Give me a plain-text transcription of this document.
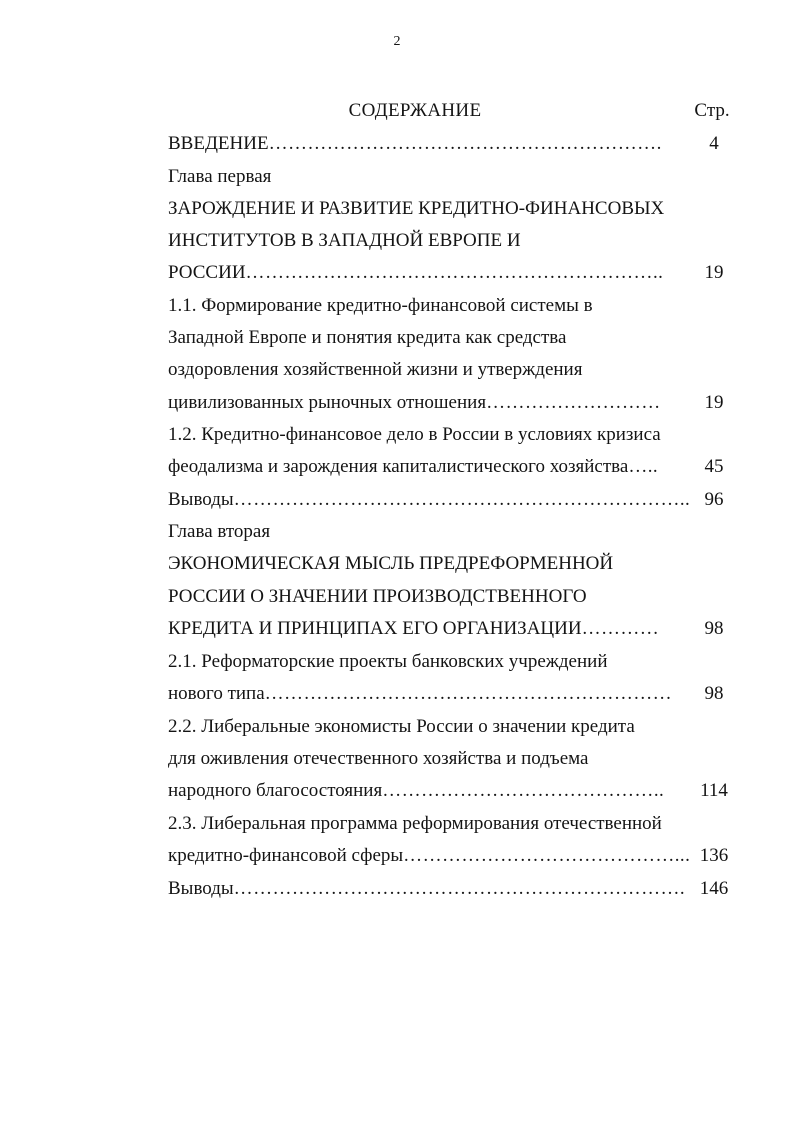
2
СОДЕРЖАНИЕ	Стр.
ВВЕДЕНИЕ…………………………………………………….	4
Глава первая
ЗАРОЖДЕНИЕ И РАЗВИТИЕ КРЕДИТНО-ФИНАНСОВЫХ
ИНСТИТУТОВ В ЗАПАДНОЙ ЕВРОПЕ И
РОССИИ………………………………………………………..	19
1.1. Формирование кредитно-финансовой системы в
Западной Европе и понятия кредита как средства
оздоровления хозяйственной жизни и утверждения
цивилизованных рыночных отношения………………………	19
1.2. Кредитно-финансовое дело в России в условиях кризиса
феодализма и зарождения капиталистического хозяйства…..	45
Выводы…………………………………………………………….. 96
Глава вторая
ЭКОНОМИЧЕСКАЯ МЫСЛЬ ПРЕДРЕФОРМЕННОЙ
РОССИИ О ЗНАЧЕНИИ ПРОИЗВОДСТВЕННОГО
КРЕДИТА И ПРИНЦИПАХ ЕГО ОРГАНИЗАЦИИ…………	98
2.1. Реформаторские проекты банковских учреждений
нового типа………………………………………………………	98
2.2. Либеральные экономисты России о значении кредита
для оживления отечественного хозяйства и подъема
народного благосостояния……………………………………..	114
2.3. Либеральная программа реформирования отечественной
кредитно-финансовой сферы……………………………………... 136
Выводы……………………………………………………………. 146
